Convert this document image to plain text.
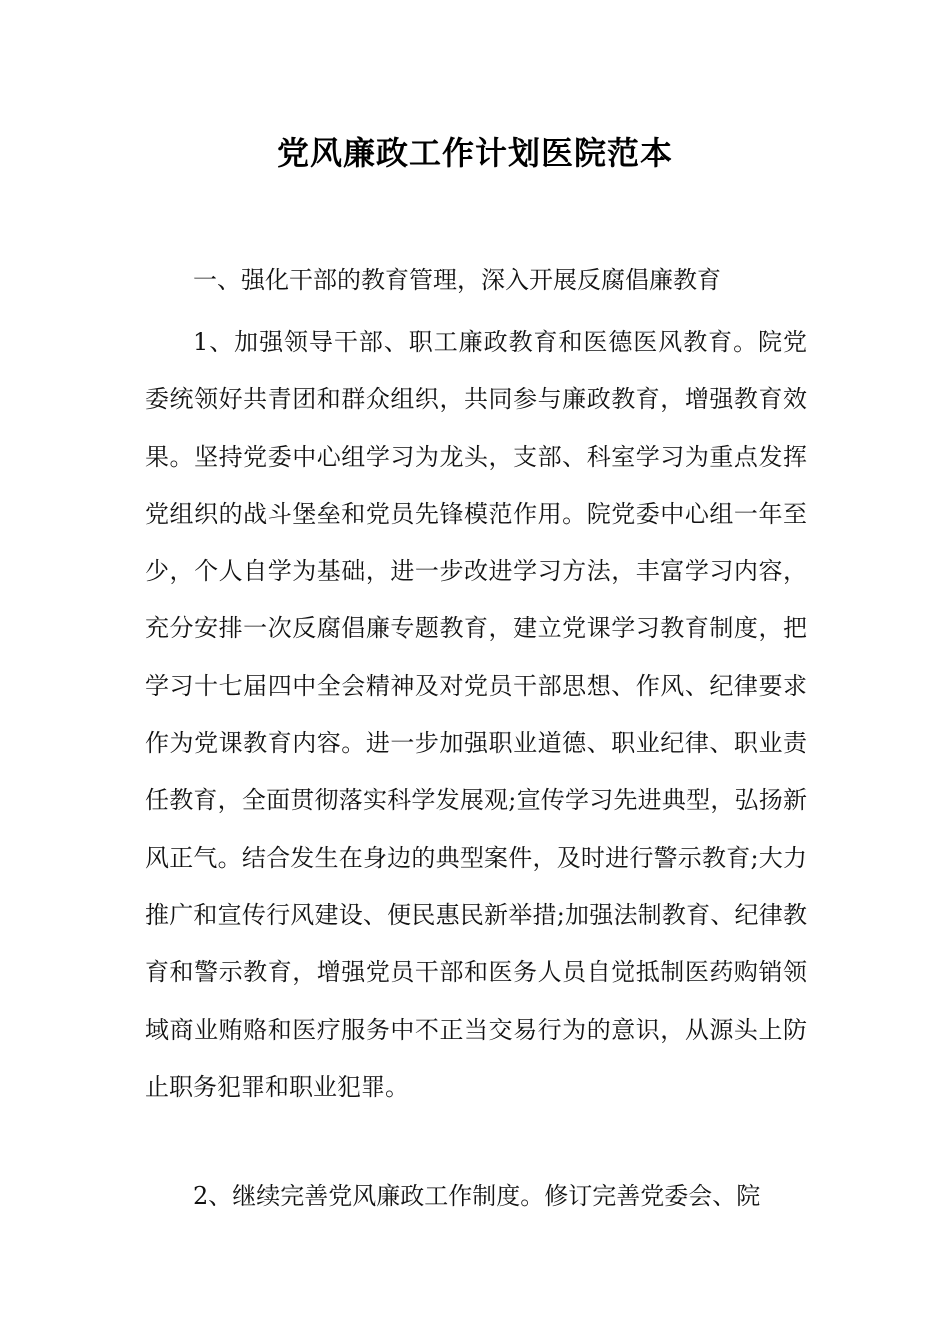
党风廉政工作计划医院范本
一、强化干部的教育管理，深入开展反腐倡廉教育
1、加强领导干部、职工廉政教育和医德医风教育。院党委统领好共青团和群众组织，共同参与廉政教育，增强教育效果。坚持党委中心组学习为龙头，支部、科室学习为重点发挥党组织的战斗堡垒和党员先锋模范作用。院党委中心组一年至少，个人自学为基础，进一步改进学习方法，丰富学习内容，充分安排一次反腐倡廉专题教育，建立党课学习教育制度，把学习十七届四中全会精神及对党员干部思想、作风、纪律要求作为党课教育内容。进一步加强职业道德、职业纪律、职业责任教育，全面贯彻落实科学发展观;宣传学习先进典型，弘扬新风正气。结合发生在身边的典型案件，及时进行警示教育;大力推广和宣传行风建设、便民惠民新举措;加强法制教育、纪律教育和警示教育，增强党员干部和医务人员自觉抵制医药购销领域商业贿赂和医疗服务中不正当交易行为的意识，从源头上防止职务犯罪和职业犯罪。
2、继续完善党风廉政工作制度。修订完善党委会、院
